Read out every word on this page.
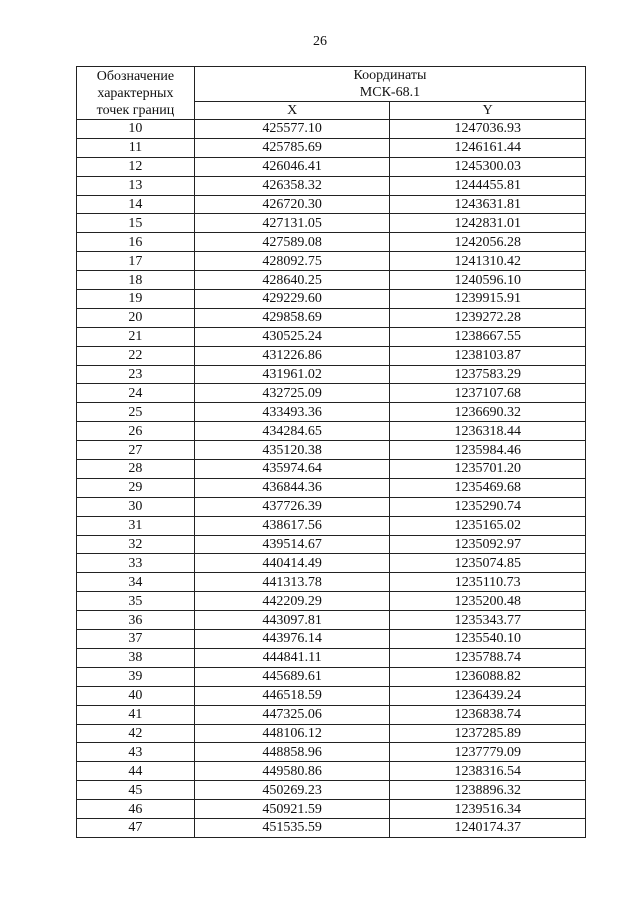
26
Обозначение
характерных
точек границ	Координаты
МСК-68.1	

	X	Y
10	425577.10	1247036.93
11	425785.69	1246161.44
12	426046.41	1245300.03
13	426358.32	1244455.81
14	426720.30	1243631.81
15	427131.05	1242831.01
16	427589.08	1242056.28
17	428092.75	1241310.42
18	428640.25	1240596.10
19	429229.60	1239915.91
20	429858.69	1239272.28
21	430525.24	1238667.55
22	431226.86	1238103.87
23	431961.02	1237583.29
24	432725.09	1237107.68
25	433493.36	1236690.32
26	434284.65	1236318.44
27	435120.38	1235984.46
28	435974.64	1235701.20
29	436844.36	1235469.68
30	437726.39	1235290.74
31	438617.56	1235165.02
32	439514.67	1235092.97
33	440414.49	1235074.85
34	441313.78	1235110.73
35	442209.29	1235200.48
36	443097.81	1235343.77
37	443976.14	1235540.10
38	444841.11	1235788.74
39	445689.61	1236088.82
40	446518.59	1236439.24
41	447325.06	1236838.74
42	448106.12	1237285.89
43	448858.96	1237779.09
44	449580.86	1238316.54
45	450269.23	1238896.32
46	450921.59	1239516.34
47	451535.59	1240174.37
